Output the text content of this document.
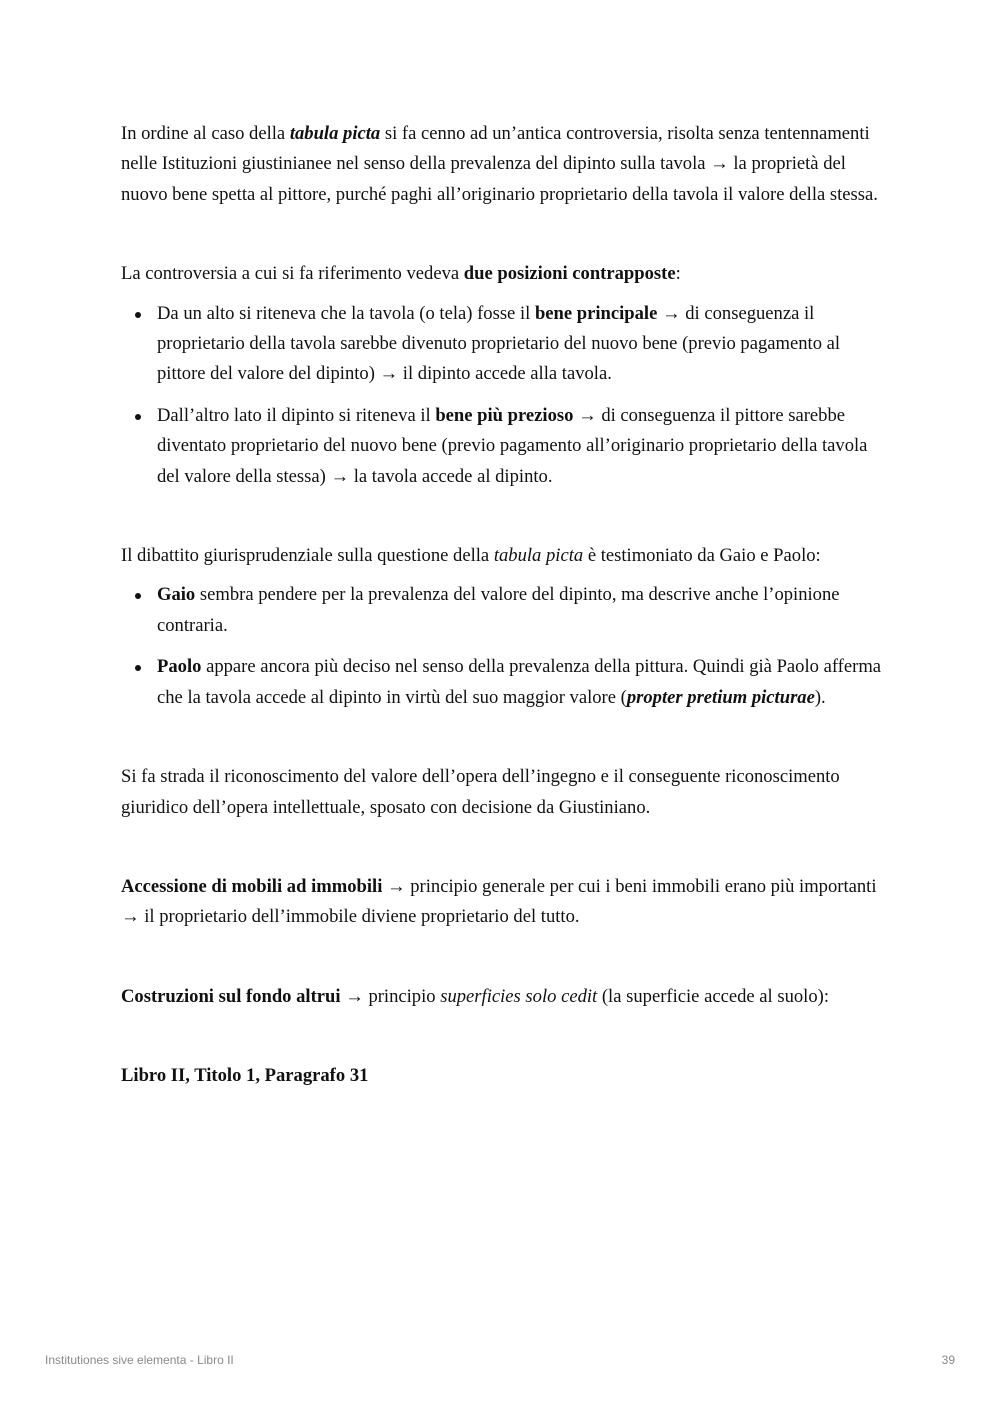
In ordine al caso della tabula picta si fa cenno ad un’antica controversia, risolta senza tentennamenti nelle Istituzioni giustinianee nel senso della prevalenza del dipinto sulla tavola → la proprietà del nuovo bene spetta al pittore, purché paghi all’originario proprietario della tavola il valore della stessa.

La controversia a cui si fa riferimento vedeva due posizioni contrapposte:

Da un alto si riteneva che la tavola (o tela) fosse il bene principale → di conseguenza il proprietario della tavola sarebbe divenuto proprietario del nuovo bene (previo pagamento al pittore del valore del dipinto) → il dipinto accede alla tavola.
Dall’altro lato il dipinto si riteneva il bene più prezioso → di conseguenza il pittore sarebbe diventato proprietario del nuovo bene (previo pagamento all’originario proprietario della tavola del valore della stessa) → la tavola accede al dipinto.

Il dibattito giurisprudenziale sulla questione della tabula picta è testimoniato da Gaio e Paolo:

Gaio sembra pendere per la prevalenza del valore del dipinto, ma descrive anche l’opinione contraria.
Paolo appare ancora più deciso nel senso della prevalenza della pittura. Quindi già Paolo afferma che la tavola accede al dipinto in virtù del suo maggior valore (propter pretium picturae).

Si fa strada il riconoscimento del valore dell’opera dell’ingegno e il conseguente riconoscimento giuridico dell’opera intellettuale, sposato con decisione da Giustiniano.

Accessione di mobili ad immobili → principio generale per cui i beni immobili erano più importanti → il proprietario dell’immobile diviene proprietario del tutto.

Costruzioni sul fondo altrui → principio superficies solo cedit (la superficie accede al suolo):

Libro II, Titolo 1, Paragrafo 31

Institutiones sive elementa - Libro II	39
